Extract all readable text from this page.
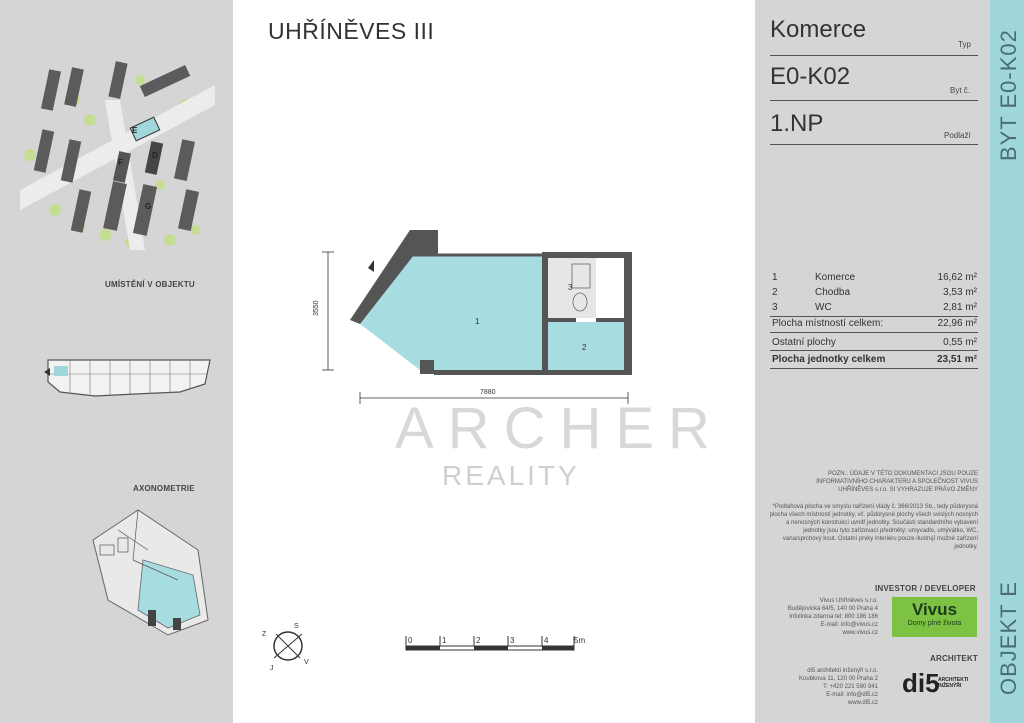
E
F
D
G
UMÍSTĚNÍ V OBJEKTU
AXONOMETRIE
Z
S
J
V
UHŘÍNĚVES III
ARCHER
REALITY
3550
7880
1
2
3
0	1	2	3	4	5m
Komerce
Typ
E0-K02
Byt č.
1.NP	Podlaží
1	Komerce	16,62 m²
2	Chodba	3,53 m²
3	WC	2,81 m²
Plocha místností celkem:	22,96 m²
Ostatní plochy	0,55 m²
Plocha jednotky celkem	23,51 m²
POZN.: ÚDAJE V TÉTO DOKUMENTACI JSOU POUZE INFORMATIVNÍHO CHARAKTERU A SPOLEČNOST VIVUS UHŘÍNĚVES s.r.o. SI VYHRAZUJE PRÁVO ZMĚNY
*Podlahová plocha ve smyslu nařízení vlády č. 366/2013 Sb., tedy půdorysná plocha všech místností jednotky, vč. půdorysné plochy všech svislých nosných a nenosných konstrukcí uvnitř jednotky. Součástí standardního vybavení jednotky jsou tyto zařizovací předměty: umyvadlo, umývátko, WC, vana/sprchový kout. Ostatní prvky interiéru pouze ilustrují možné zařízení jednotky.
INVESTOR / DEVELOPER
Vivus Uhříněves s.r.o.
Budějovická 64/5, 140 00 Praha 4
Infolinka zdarma tel: 800 186 186
E-mail: info@vivus.cz
www.vivus.cz
Vivus
Domy plné života
ARCHITEKT
di5 architekti inženýři s.r.o.
Koubkova 11, 120 00 Praha 2
T: +420 221 590 941
E-mail: info@di5.cz
www.di5.cz
di5
ARCHITEKTI INŽENÝŘI
BYT E0-K02
OBJEKT E
